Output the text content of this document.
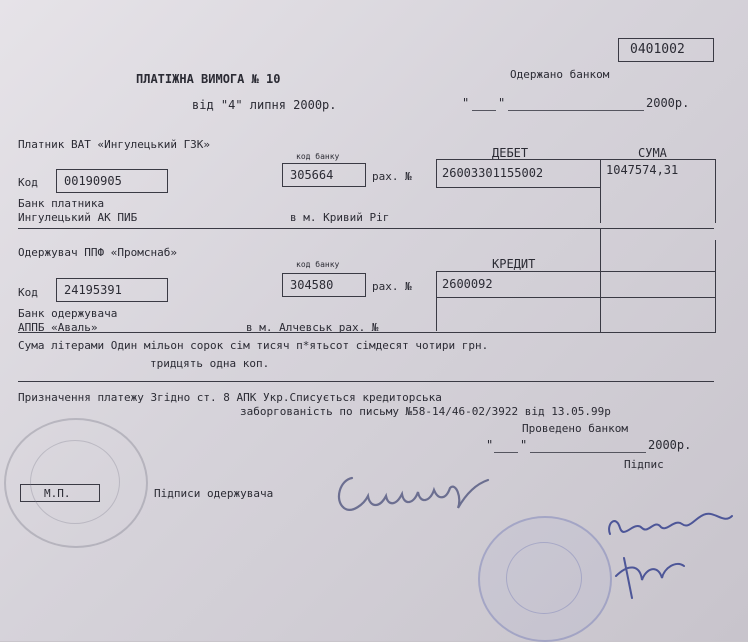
0401002
ПЛАТІЖНА ВИМОГА № 10
від "4" липня 2000р.
Одержано банком
" "	2000р.
Платник ВАТ «Ингулецький ГЗК»
код банку	ДЕБЕТ	СУМА
Код 00190905	305664	рах. №	26003301155002	1047574,31
Банк платника
Ингулецький АК ПИБ	в м. Кривий Ріг
Одержувач ППФ «Промснаб»
код банку	КРЕДИТ
Код 24195391	304580	рах. №	2600092
Банк одержувача
АППБ «Аваль»	в м. Алчевськ рах. №
Сума літерами Один мільон сорок сім тисяч п*ятьсот сімдесят чотири грн.
тридцять одна коп.
Призначення платежу Згідно ст. 8 АПК Укр.Списується кредиторська
заборгованість по письму №58-14/46-02/3922 від 13.05.99р
Проведено банком
" "	2000р.
Підпис
М.П.	Підписи одержувача
